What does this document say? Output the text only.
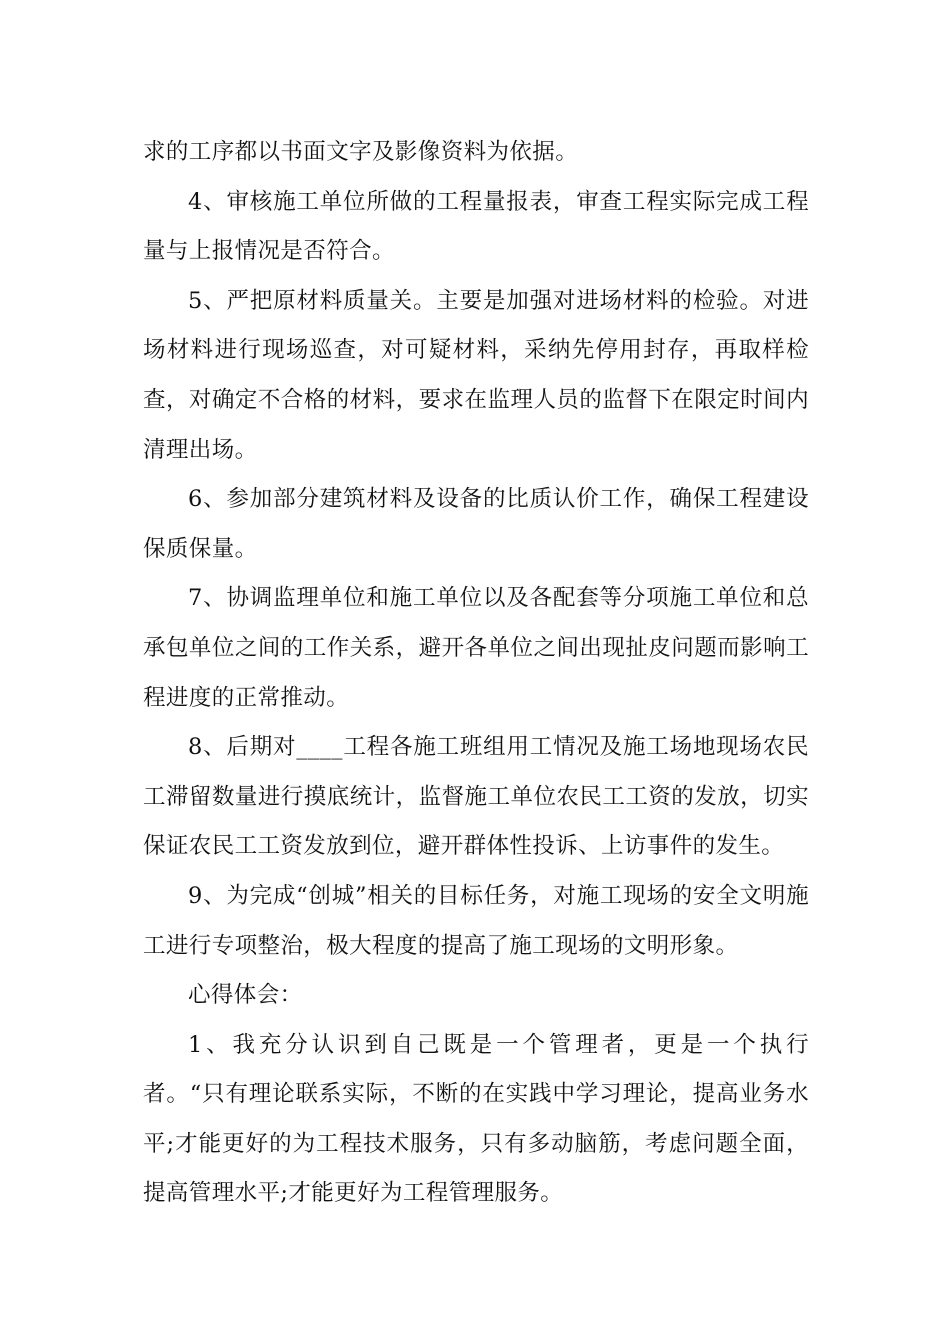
求的工序都以书面文字及影像资料为依据。

4、审核施工单位所做的工程量报表，审查工程实际完成工程量与上报情况是否符合。

5、严把原材料质量关。主要是加强对进场材料的检验。对进场材料进行现场巡查，对可疑材料，采纳先停用封存，再取样检查，对确定不合格的材料，要求在监理人员的监督下在限定时间内清理出场。

6、参加部分建筑材料及设备的比质认价工作，确保工程建设保质保量。

7、协调监理单位和施工单位以及各配套等分项施工单位和总承包单位之间的工作关系，避开各单位之间出现扯皮问题而影响工程进度的正常推动。

8、后期对____工程各施工班组用工情况及施工场地现场农民工滞留数量进行摸底统计，监督施工单位农民工工资的发放，切实保证农民工工资发放到位，避开群体性投诉、上访事件的发生。

9、为完成“创城”相关的目标任务，对施工现场的安全文明施工进行专项整治，极大程度的提高了施工现场的文明形象。

心得体会：

1、我充分认识到自己既是一个管理者，更是一个执行者。“只有理论联系实际，不断的在实践中学习理论，提高业务水平;才能更好的为工程技术服务，只有多动脑筋，考虑问题全面，提高管理水平;才能更好为工程管理服务。
